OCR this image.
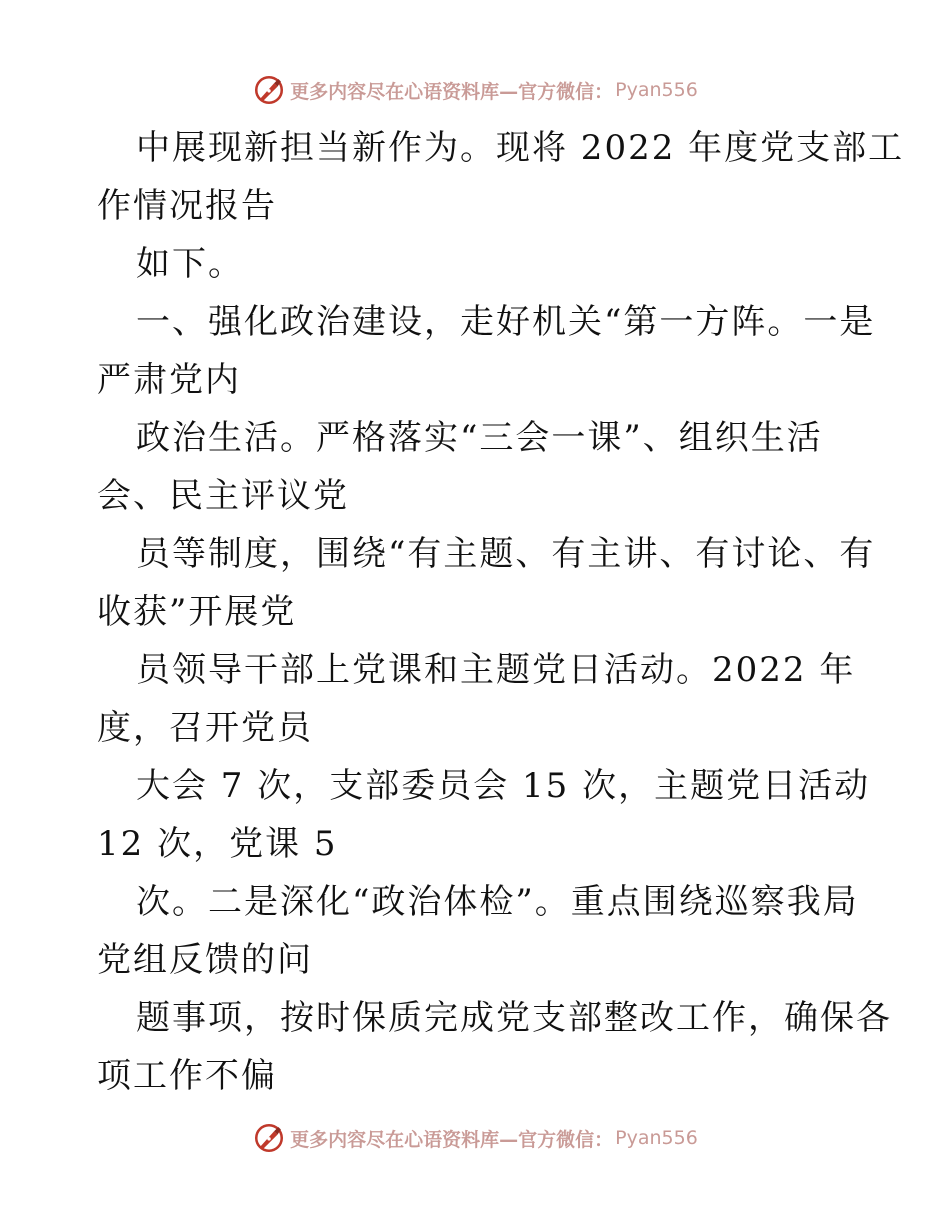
更多内容尽在心语资料库—官方微信： Pyan556
中展现新担当新作为。现将 2022 年度党支部工
作情况报告
如下。
一、强化政治建设，走好机关“第一方阵。一是
严肃党内
政治生活。严格落实“三会一课”、组织生活
会、民主评议党
员等制度，围绕“有主题、有主讲、有讨论、有
收获”开展党
员领导干部上党课和主题党日活动。2022 年
度，召开党员
大会 7 次，支部委员会 15 次，主题党日活动
12 次，党课 5
次。二是深化“政治体检”。重点围绕巡察我局
党组反馈的问
题事项，按时保质完成党支部整改工作，确保各
项工作不偏
更多内容尽在心语资料库—官方微信： Pyan556
